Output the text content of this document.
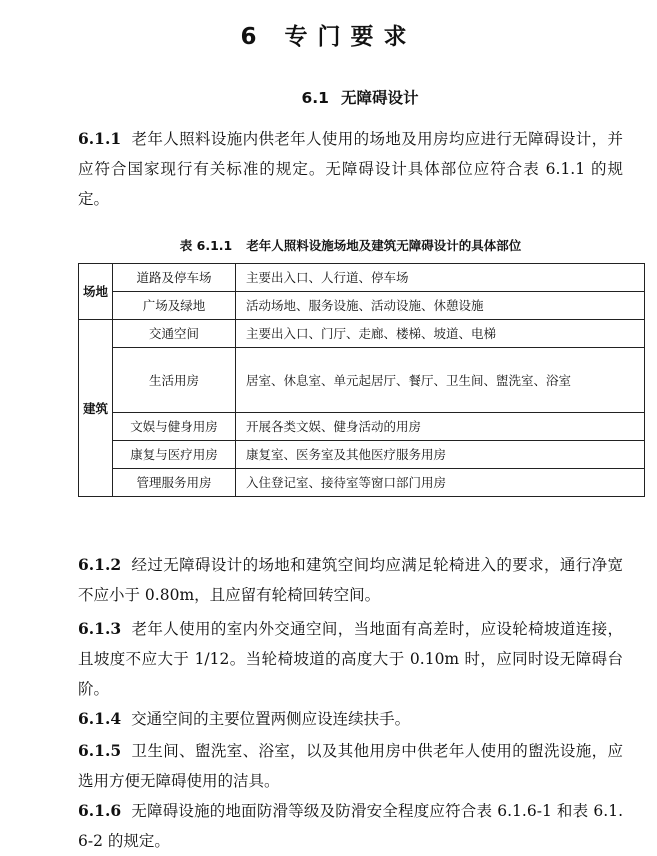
6 专门要求
6.1 无障碍设计
6.1.1 老年人照料设施内供老年人使用的场地及用房均应进行无障碍设计，并应符合国家现行有关标准的规定。无障碍设计具体部位应符合表 6.1.1 的规定。
表 6.1.1 老年人照料设施场地及建筑无障碍设计的具体部位
场地	道路及停车场	主要出入口、人行道、停车场
	广场及绿地	活动场地、服务设施、活动设施、休憩设施
建筑	交通空间	主要出入口、门厅、走廊、楼梯、坡道、电梯
	生活用房	居室、休息室、单元起居厅、餐厅、卫生间、盥洗室、浴室
	文娱与健身用房	开展各类文娱、健身活动的用房
	康复与医疗用房	康复室、医务室及其他医疗服务用房
	管理服务用房	入住登记室、接待室等窗口部门用房
6.1.2 经过无障碍设计的场地和建筑空间均应满足轮椅进入的要求，通行净宽不应小于 0.80m，且应留有轮椅回转空间。
6.1.3 老年人使用的室内外交通空间，当地面有高差时，应设轮椅坡道连接，且坡度不应大于 1/12。当轮椅坡道的高度大于 0.10m 时，应同时设无障碍台阶。
6.1.4 交通空间的主要位置两侧应设连续扶手。
6.1.5 卫生间、盥洗室、浴室，以及其他用房中供老年人使用的盥洗设施，应选用方便无障碍使用的洁具。
6.1.6 无障碍设施的地面防滑等级及防滑安全程度应符合表 6.1.6-1 和表 6.1.6-2 的规定。
